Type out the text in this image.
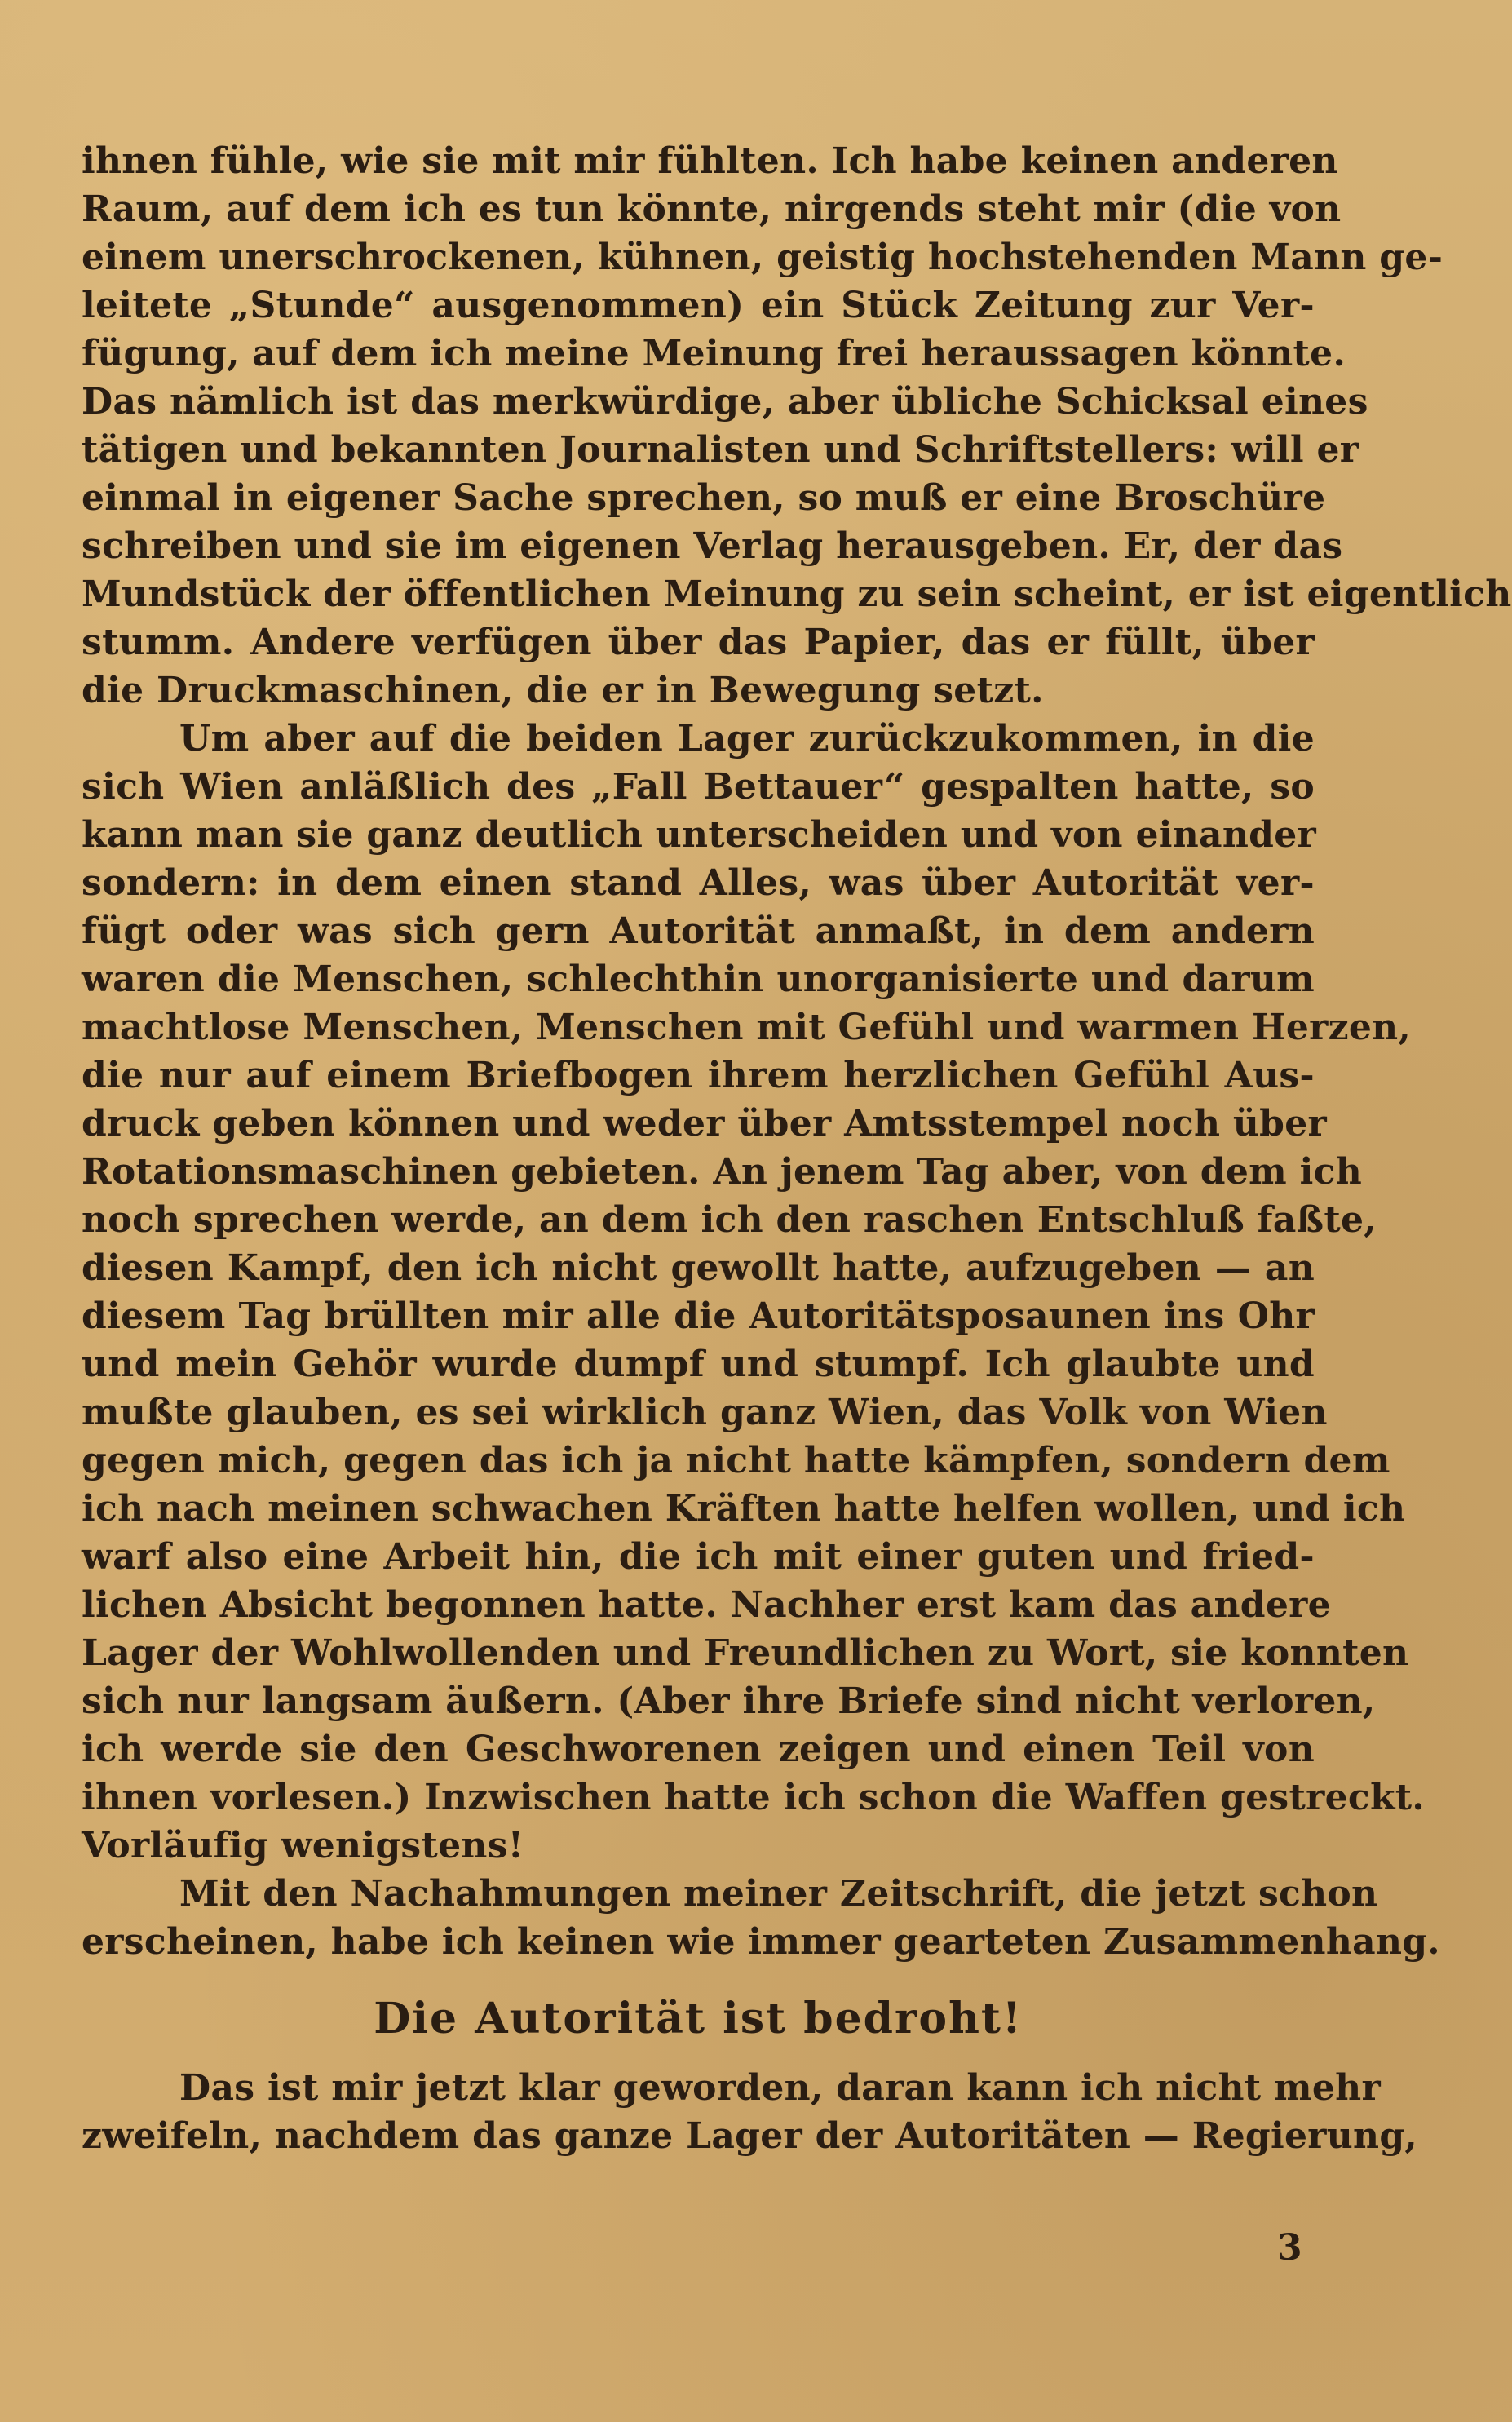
ihnen fühle, wie sie mit mir fühlten. Ich habe keinen anderen
Raum, auf dem ich es tun könnte, nirgends steht mir (die von
einem unerschrockenen, kühnen, geistig hochstehenden Mann ge-
leitete „Stunde“ ausgenommen) ein Stück Zeitung zur Ver-
fügung, auf dem ich meine Meinung frei heraussagen könnte.
Das nämlich ist das merkwürdige, aber übliche Schicksal eines
tätigen und bekannten Journalisten und Schriftstellers: will er
einmal in eigener Sache sprechen, so muß er eine Broschüre
schreiben und sie im eigenen Verlag herausgeben. Er, der das
Mundstück der öffentlichen Meinung zu sein scheint, er ist eigentlich
stumm. Andere verfügen über das Papier, das er füllt, über
die Druckmaschinen, die er in Bewegung setzt.
Um aber auf die beiden Lager zurückzukommen, in die
sich Wien anläßlich des „Fall Bettauer“ gespalten hatte, so
kann man sie ganz deutlich unterscheiden und von einander
sondern: in dem einen stand Alles, was über Autorität ver-
fügt oder was sich gern Autorität anmaßt, in dem andern
waren die Menschen, schlechthin unorganisierte und darum
machtlose Menschen, Menschen mit Gefühl und warmen Herzen,
die nur auf einem Briefbogen ihrem herzlichen Gefühl Aus-
druck geben können und weder über Amtsstempel noch über
Rotationsmaschinen gebieten. An jenem Tag aber, von dem ich
noch sprechen werde, an dem ich den raschen Entschluß faßte,
diesen Kampf, den ich nicht gewollt hatte, aufzugeben — an
diesem Tag brüllten mir alle die Autoritätsposaunen ins Ohr
und mein Gehör wurde dumpf und stumpf. Ich glaubte und
mußte glauben, es sei wirklich ganz Wien, das Volk von Wien
gegen mich, gegen das ich ja nicht hatte kämpfen, sondern dem
ich nach meinen schwachen Kräften hatte helfen wollen, und ich
warf also eine Arbeit hin, die ich mit einer guten und fried-
lichen Absicht begonnen hatte. Nachher erst kam das andere
Lager der Wohlwollenden und Freundlichen zu Wort, sie konnten
sich nur langsam äußern. (Aber ihre Briefe sind nicht verloren,
ich werde sie den Geschworenen zeigen und einen Teil von
ihnen vorlesen.) Inzwischen hatte ich schon die Waffen gestreckt.
Vorläufig wenigstens!
Mit den Nachahmungen meiner Zeitschrift, die jetzt schon
erscheinen, habe ich keinen wie immer gearteten Zusammenhang.
Die Autorität ist bedroht!
Das ist mir jetzt klar geworden, daran kann ich nicht mehr
zweifeln, nachdem das ganze Lager der Autoritäten — Regierung,
3
